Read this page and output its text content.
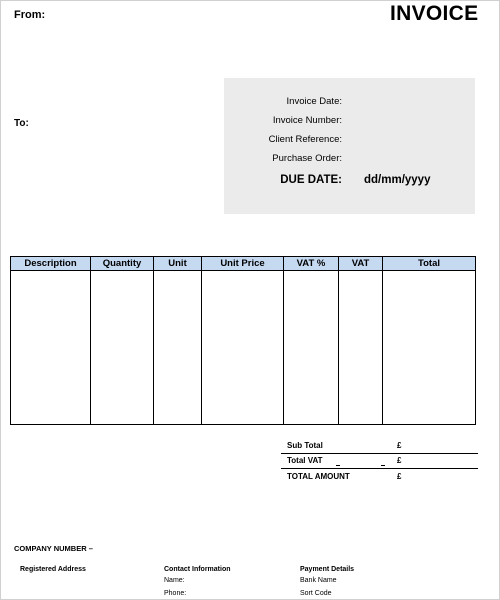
From:	INVOICE
To:
Invoice Date:
Invoice Number:
Client Reference:
Purchase Order:
DUE DATE: dd/mm/yyyy
Description	Quantity	Unit	Unit Price	VAT %	VAT	Total

Sub Total	£
Total VAT	£
TOTAL AMOUNT	£
COMPANY NUMBER –
Registered Address	Contact Information
Name:
Phone:
Payment Details
Bank Name
Sort Code
